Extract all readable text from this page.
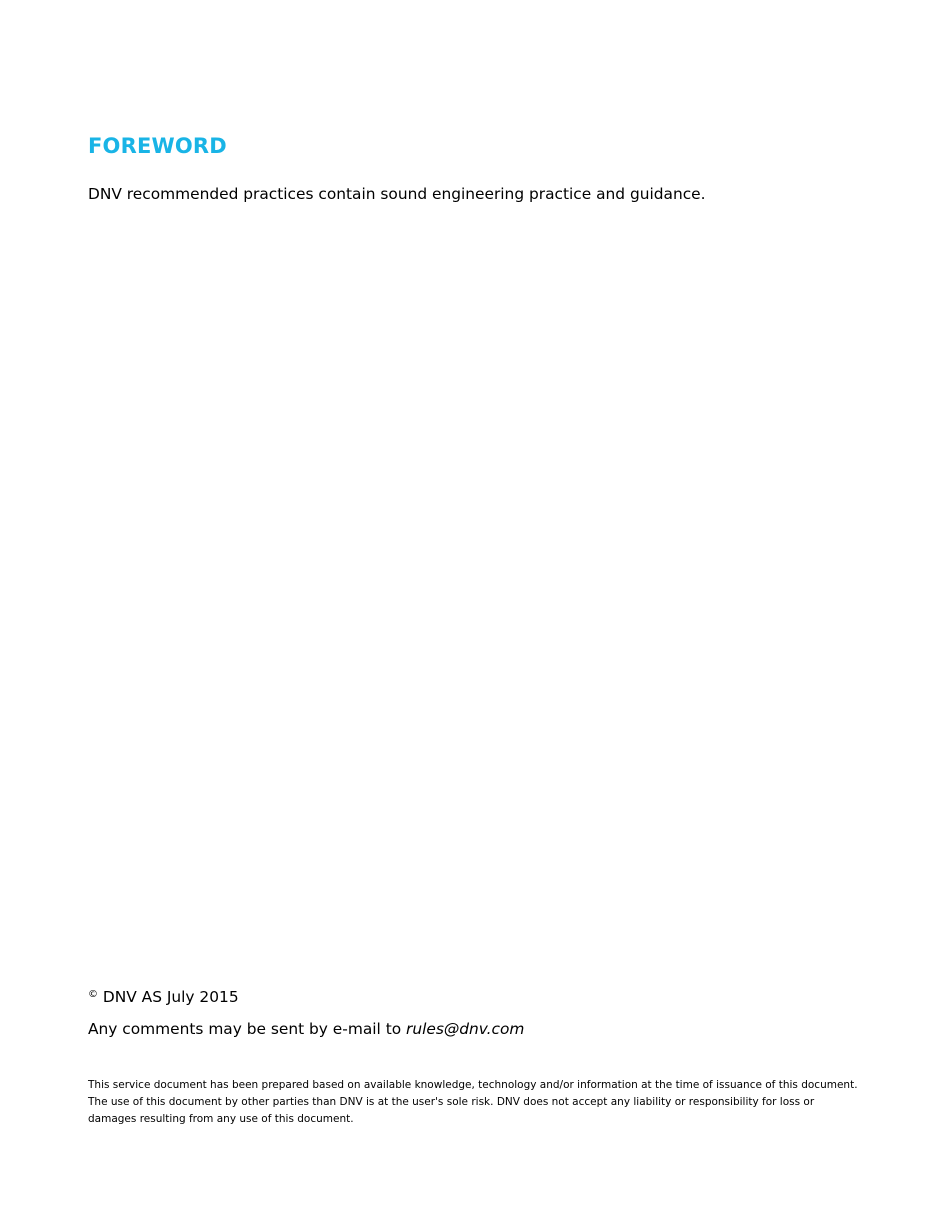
FOREWORD

DNV recommended practices contain sound engineering practice and guidance.

© DNV AS July 2015

Any comments may be sent by e-mail to rules@dnv.com

This service document has been prepared based on available knowledge, technology and/or information at the time of issuance of this document. The use of this document by other parties than DNV is at the user's sole risk. DNV does not accept any liability or responsibility for loss or damages resulting from any use of this document.
